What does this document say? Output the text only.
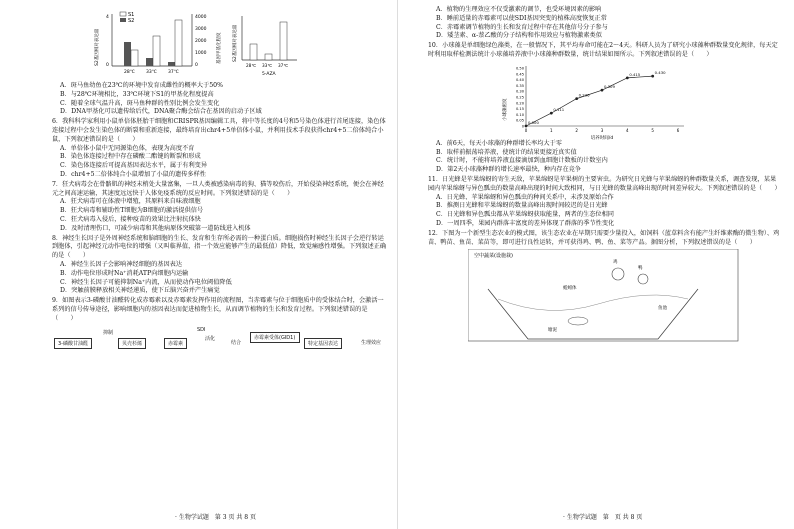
S1
S2
28℃ 33℃ 37℃
4000
3000
2000
1000
0
4
0
S2基因相对表达量	基因甲基化程度
28℃ 33℃ 37℃
5-AZA
S2基因相对表达量

A．斑马鱼幼鱼在23℃的环境中发育成雌性的概率大于50%

B．与28℃环境相比，33℃环境下S1的甲基化程度提高

C．随着全球气温升高，斑马鱼种群的性别比例会发生变化

D．DNA甲基化可以遗传给后代，DNA聚合酶会结合在基因的启动子区域

6．我科科学家利用小鼠单倍体胚胎干细胞和CRISPR基因编辑工具，将中等长度的4号和5号染色体进行首尾连接，染色体连接过程中会发生染色体的断裂和重新连接，最终培育出chr4+5单倍体小鼠，并利用技术手段获得chr4+5二倍体纯合小鼠，下列叙述错误的是（　　）

A．单倍体小鼠中无同源染色体，表现为高度不育

B．染色体连接过程中存在磷酸二酯键的断裂和形成

C．染色体连接后可提高基因表达水平，属于有利变异

D．chr4+5二倍体纯合小鼠增加了小鼠的遗传多样性

7．狂犬病毒会在骨骼肌的神经末梢处大量富集，一旦人类被感染病毒的狗、猫等咬伤后，开始侵染神经系统，便会在神经元之间高速运输，其速度远远快于人体免疫系统的反应时间。下列叙述错误的是（　　）

A．狂犬病毒可在体液中增殖，其原料来自味液细胞

B．狂犬病毒和辅助性T细胞为B细胞的激活提供信号

C．狂犬病毒入侵后，接种疫苗的效果比注射抗体快

D．及时清理伤口，可减少病毒和其他病原体突破第一道防线进入机体

8．神经生长因子是外周神经系统和脑细胞的生长、发育和生存所必需的一种蛋白质。细胞损伤时神经生长因子会逆行转运到胞体，引起神经元动作电位的增强（又叫临界值，指一个效应能够产生的最低值）降低，致觉痛感性增强。下列叙述正确的是（　　）

A．神经生长因子会影响神经细胞的基因表达

B．动作电位形成时Na⁺消耗ATP向细胞内运输

C．神经生长因子可能抑制Na⁺内流，从而使动作电位阈值降低

D．突触前膜释放相关神经递质，使下丘脑兴奋并产生痛觉

9．如图表示3-磷酸甘油醛转化成赤霉素以及赤霉素发挥作用的流程图，当赤霉素与位于细胞质中的受体结合时，会激活一系列的信号传导途径，影响细胞内的基因表达而促进植物生长，从而调节植物的生长和发育过程。下列叙述错误的是（　　）

3-磷酸甘油醛	贝壳杉烯	赤霉素
SDI
赤霉素受体(GID1)
特定基因表达	生理效应
抑制
活化
结合
· 生物学试题　第 3 页 共 8 页

A．植物的生理效应不仅受激素的调节，也受环境因素的影响

B．睡前适量的赤霉素可以使SDI基因突变的植株高度恢复正常

C．赤霉素调节植物的生长和发育过程中存在其他信号分子参与

D．矮茎素、α-萘乙酸的分子结构和作用效应与植物激素类似

10．小球藻是单细胞绿色藻类，在一般情况下，其平均寿命可能在2～4天。科研人员为了研究小球藻种群数量变化规律，每天定时利用取样检测法统计小球藻培养液中小球藻种群数量，统计结果如图所示。下列叙述错误的是（　　）

0
0.05
0.10
0.15
0.20
0.25
0.30
0.35
0.40
0.45
0.50
0	1	2	3	4	5	6
0.000
0.111
0.236
0.309
0.415	0.430
培养时间/d
小球藻密度

A．前6天，每天小球藻的种群增长率均大于零

B．取样前振荡培养液，使统计的结果更接近真实值

C．统计时，不能将培养液直接滴加到血细胞计数板的计数室内

D．第2天小球藻种群的增长速率最快，种内存在竞争

11．日光蜂是苹果绵蚜的寄生天敌，苹果绵蚜是苹果树的主要害虫。为研究日光蜂与苹果绵蚜的种群数量关系，调查发现，某果园内苹果绵蚜与异色瓢虫的数量高峰出现的时间大致相同，与日光蜂的数量高峰出现的时间差异较大。下列叙述错误的是（　　）

A．日光蜂、苹果绵蚜和异色瓢虫的种间关系中，未涉及原始合作

B．推测日光蜂和苹果绵蚜的数量高峰出现时间较迟的是日光蜂

C．日光蜂和异色瓢虫都从苹果绵蚜获取能量，两者的生态位相同

D．一周四季，果园内群落丰富度的差异体现了群落的季节性变化

12．下图为一个新型生态农业的模式图，该生态农业在早期只需要少量投入，如饲料（蓝草料含有能产生纤维素酶的微生物）、鸡苗、鸭苗、鱼苗、菜苗等，即可进行良性运转，并可获得鸡、鸭、鱼、菜等产品。据图分析，下列叙述错误的是（　　）

空中蔬菜(设施栽)
鸡
鸭
鱼池
塘泥
蚯蚓体
· 生物学试题　第　页 共 8 页
